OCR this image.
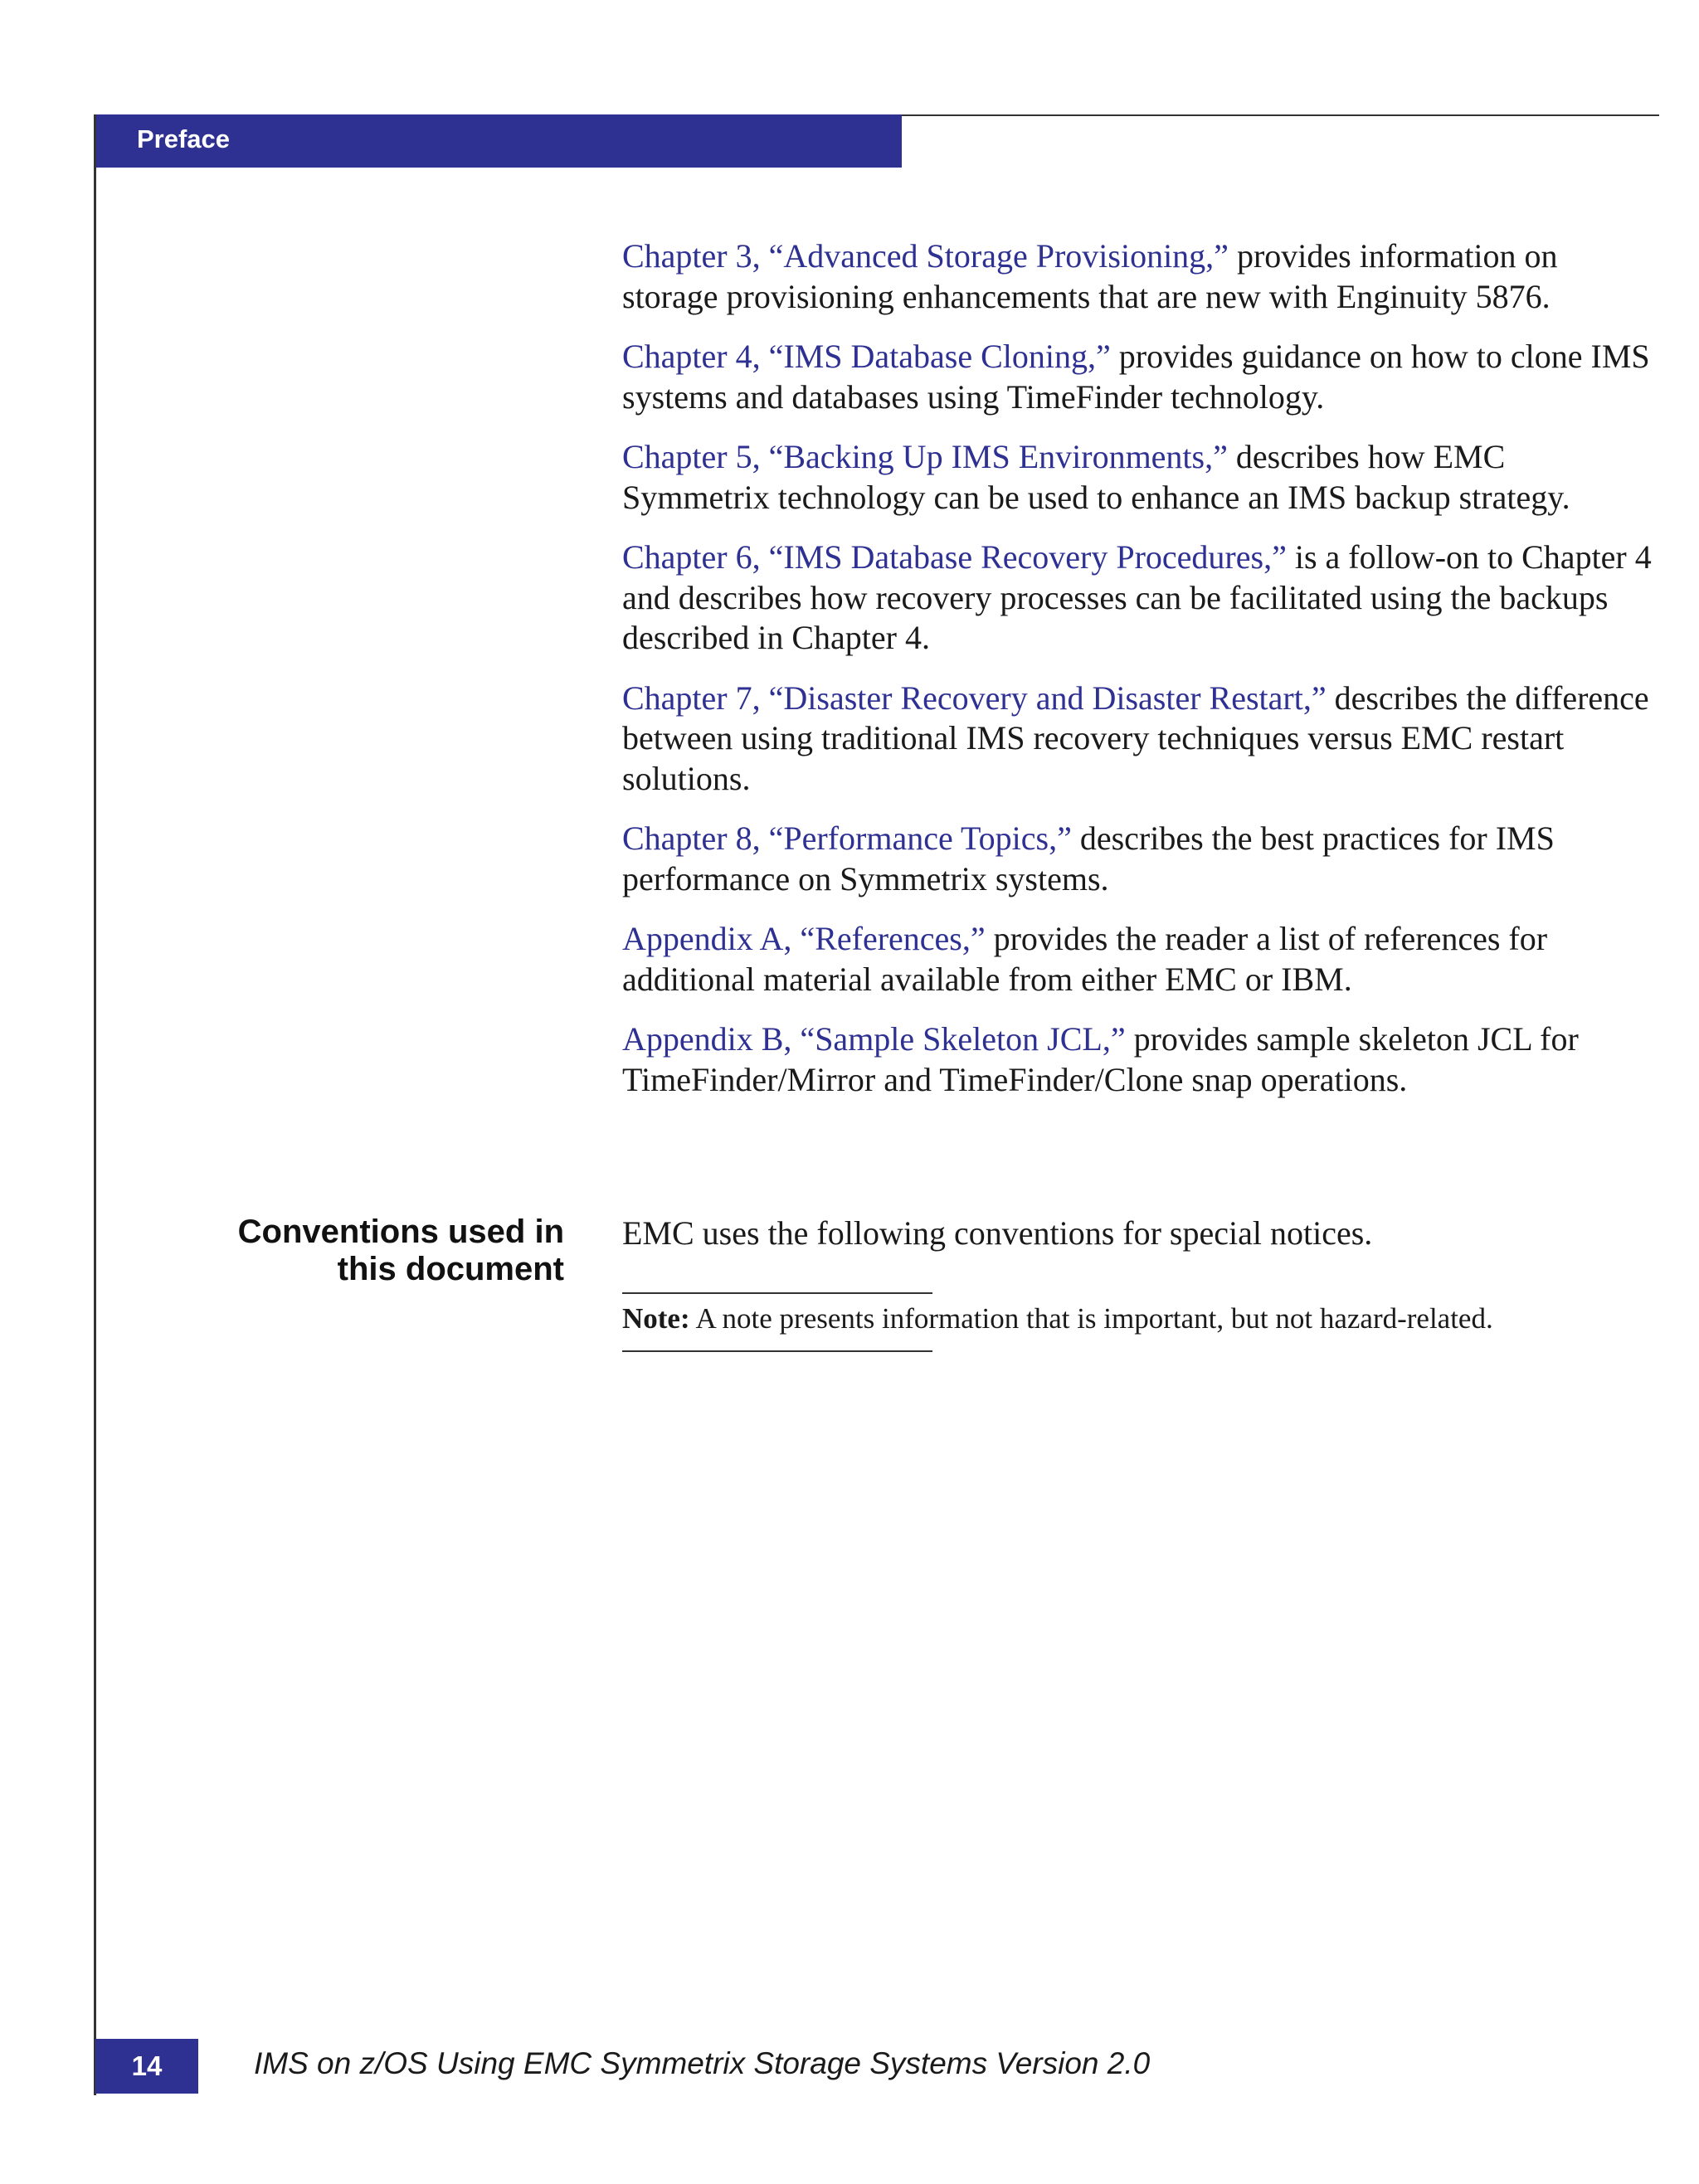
Preface

Chapter 3, “Advanced Storage Provisioning,” provides information on storage provisioning enhancements that are new with Enginuity 5876.

Chapter 4, “IMS Database Cloning,” provides guidance on how to clone IMS systems and databases using TimeFinder technology.

Chapter 5, “Backing Up IMS Environments,” describes how EMC Symmetrix technology can be used to enhance an IMS backup strategy.

Chapter 6, “IMS Database Recovery Procedures,” is a follow-on to Chapter 4 and describes how recovery processes can be facilitated using the backups described in Chapter 4.

Chapter 7, “Disaster Recovery and Disaster Restart,” describes the difference between using traditional IMS recovery techniques versus EMC restart solutions.

Chapter 8, “Performance Topics,” describes the best practices for IMS performance on Symmetrix systems.

Appendix A, “References,” provides the reader a list of references for additional material available from either EMC or IBM.

Appendix B, “Sample Skeleton JCL,” provides sample skeleton JCL for TimeFinder/Mirror and TimeFinder/Clone snap operations.

Conventions used in
this document
EMC uses the following conventions for special notices.
Note: A note presents information that is important, but not hazard-related.
14	IMS on z/OS Using EMC Symmetrix Storage Systems Version 2.0
